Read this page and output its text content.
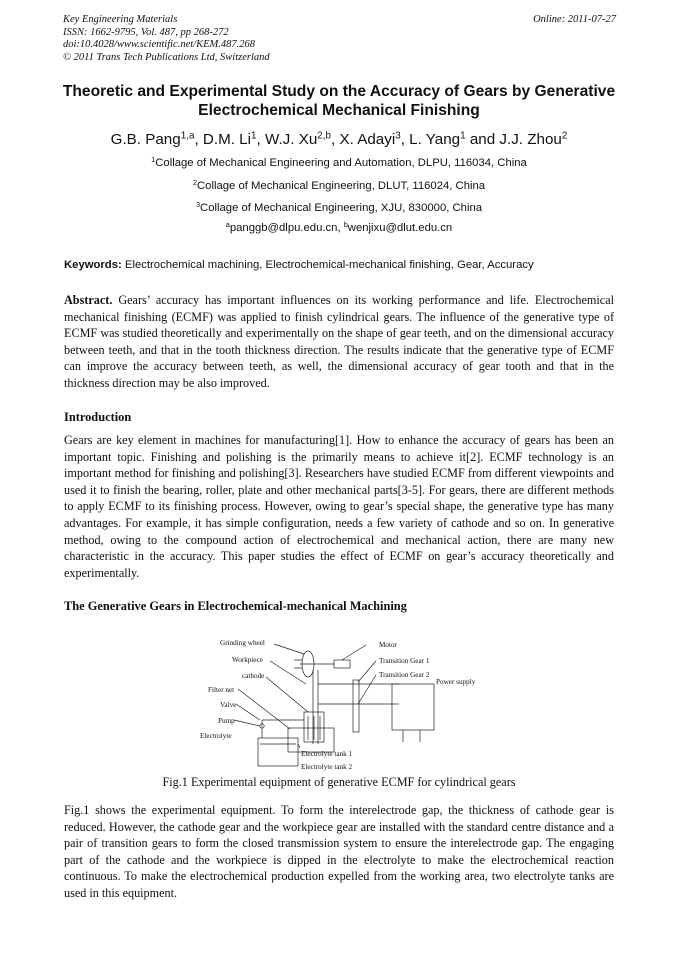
Key Engineering Materials
ISSN: 1662-9795, Vol. 487, pp 268-272
doi:10.4028/www.scientific.net/KEM.487.268
© 2011 Trans Tech Publications Ltd, Switzerland
Online: 2011-07-27
Theoretic and Experimental Study on the Accuracy of Gears by Generative Electrochemical Mechanical Finishing
G.B. Pang$^{1,a}$, D.M. Li$^1$, W.J. Xu$^{2,b}$, X. Adayi$^3$, L. Yang$^1$ and J.J. Zhou$^2$
$^1$Collage of Mechanical Engineering and Automation, DLPU, 116034, China
$^2$Collage of Mechanical Engineering, DLUT, 116024, China
$^3$Collage of Mechanical Engineering, XJU, 830000, China
$^a$panggb@dlpu.edu.cn, $^b$wenjixu@dlut.edu.cn
Keywords: Electrochemical machining, Electrochemical-mechanical finishing, Gear, Accuracy
Abstract. Gears’ accuracy has important influences on its working performance and life. Electrochemical mechanical finishing (ECMF) was applied to finish cylindrical gears. The influence of the generative type of ECMF was studied theoretically and experimentally on the shape of gear teeth, and on the dimensional accuracy between teeth, and that in the tooth thickness direction. The results indicate that the generative type of ECMF can improve the accuracy between teeth, as well, the dimensional accuracy of gear tooth and that in the thickness direction may be also improved.
Introduction
Gears are key element in machines for manufacturing[1]. How to enhance the accuracy of gears has been an important topic. Finishing and polishing is the primarily means to achieve it[2]. ECMF technology is an important method for finishing and polishing[3]. Researchers have studied ECMF from different viewpoints and used it to finish the bearing, roller, plate and other mechanical parts[3-5]. For gears, there are different methods to apply ECMF to its finishing process. However, owing to gear’s special shape, the generative type has many advantages. For example, it has simple configuration, needs a few variety of cathode and so on. In generative method, owing to the compound action of electrochemical and mechanical action, there are many new characteristic in the accuracy. This paper studies the effect of ECMF on gear’s accuracy theoretically and experimentally.
The Generative Gears in Electrochemical-mechanical Machining
Grinding wheel
Workpiece
cathode
Filter net
Valve
Pump
Electrolyte
Motor
Transition Gear 1
Transition Gear 2
Power supply
Electrolyte tank 1
Electrolyte tank 2
Fig.1 Experimental equipment of generative ECMF for cylindrical gears
Fig.1 shows the experimental equipment. To form the interelectrode gap, the thickness of cathode gear is reduced. However, the cathode gear and the workpiece gear are installed with the standard centre distance and a pair of transition gears to form the closed transmission system to ensure the interelectrode gap. The engaging part of the cathode and the workpiece is dipped in the electrolyte to make the electrochemical reaction continuous. To make the electrochemical production expelled from the working area, two electrolyte tanks are used in this equipment.
